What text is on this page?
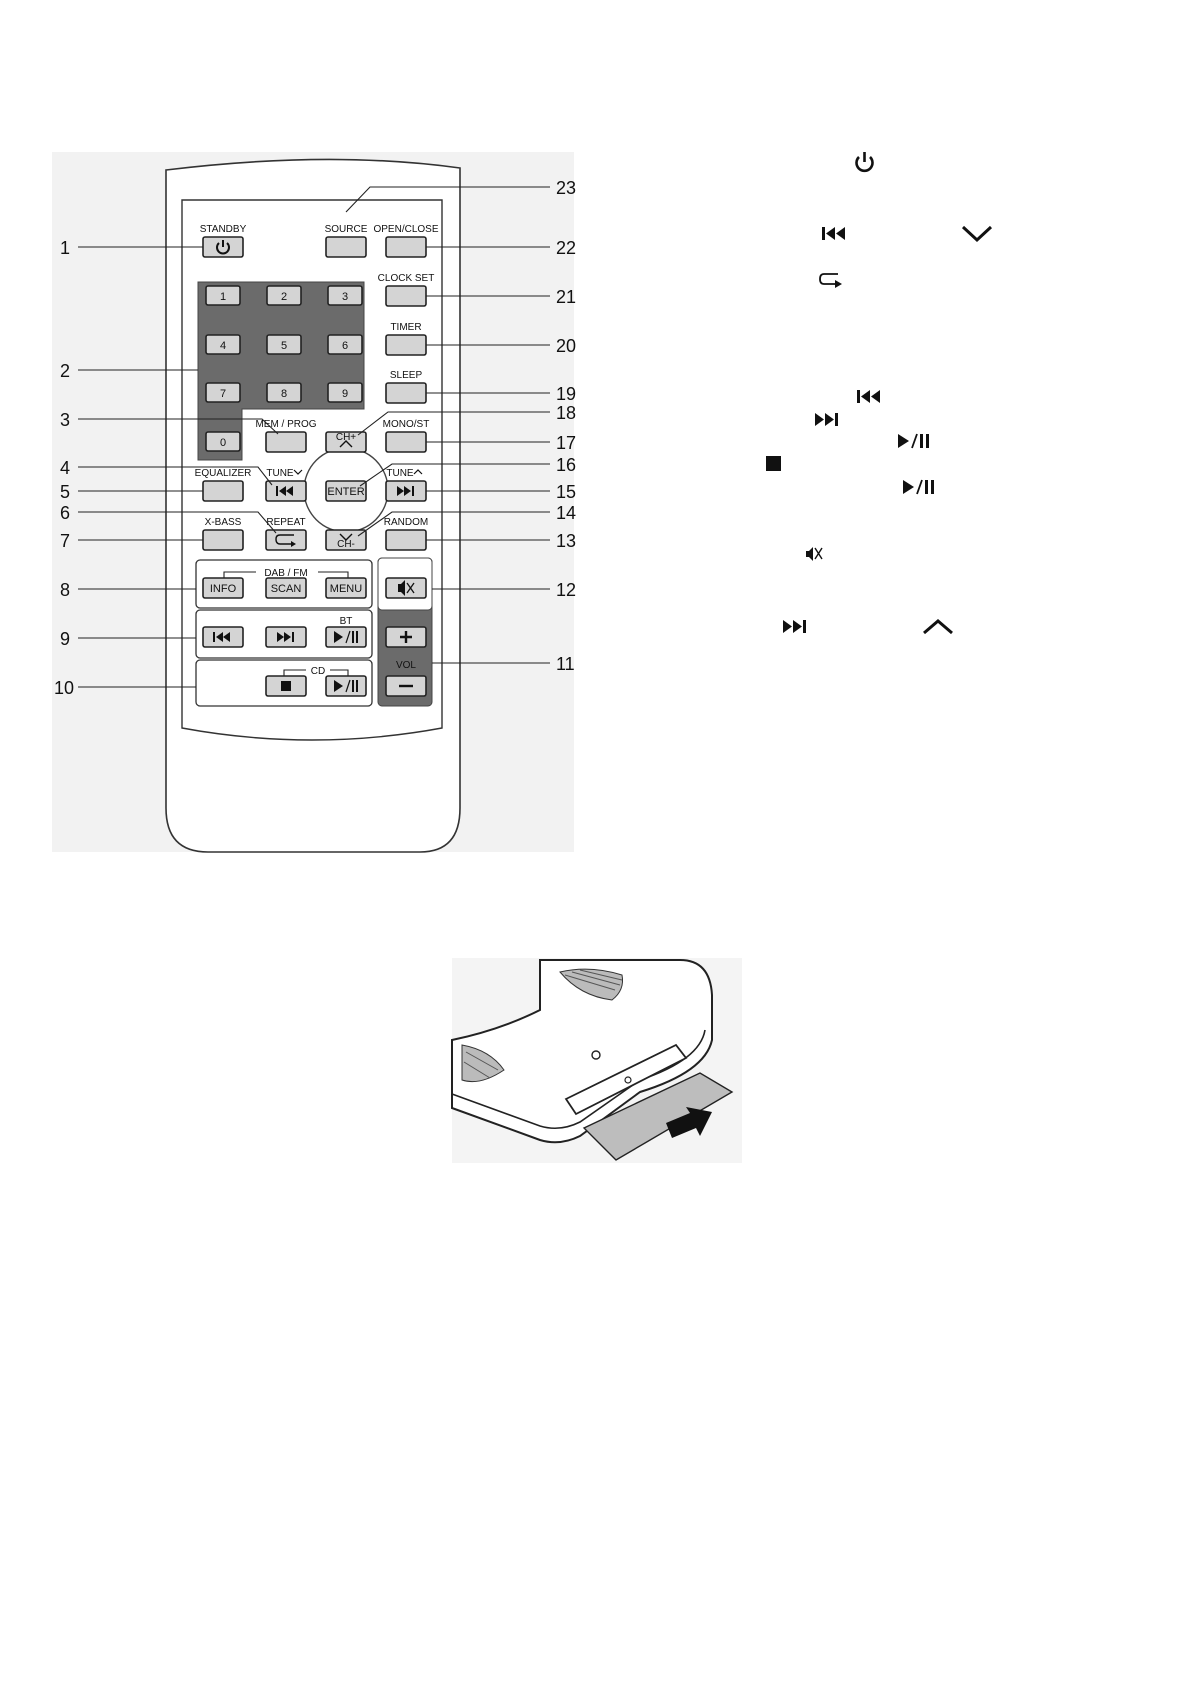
STANDBY	SOURCE OPEN/CLOSE
CLOCK SET
TIMER
SLEEP
MEM / PROG	MONO/ST
EQUALIZER TUNE	TUNE
X-BASS	REPEAT	RANDOM
DAB / FM
BT
CD
VOL
CH+
CH-
1	2	3
4	5	6
7	8	9
0
ENTER
INFO	SCAN	MENU
1
2
3
4
5
6
7
8
9
10
23
22
21
20
19
18
17
16
15
14
13
12
11
